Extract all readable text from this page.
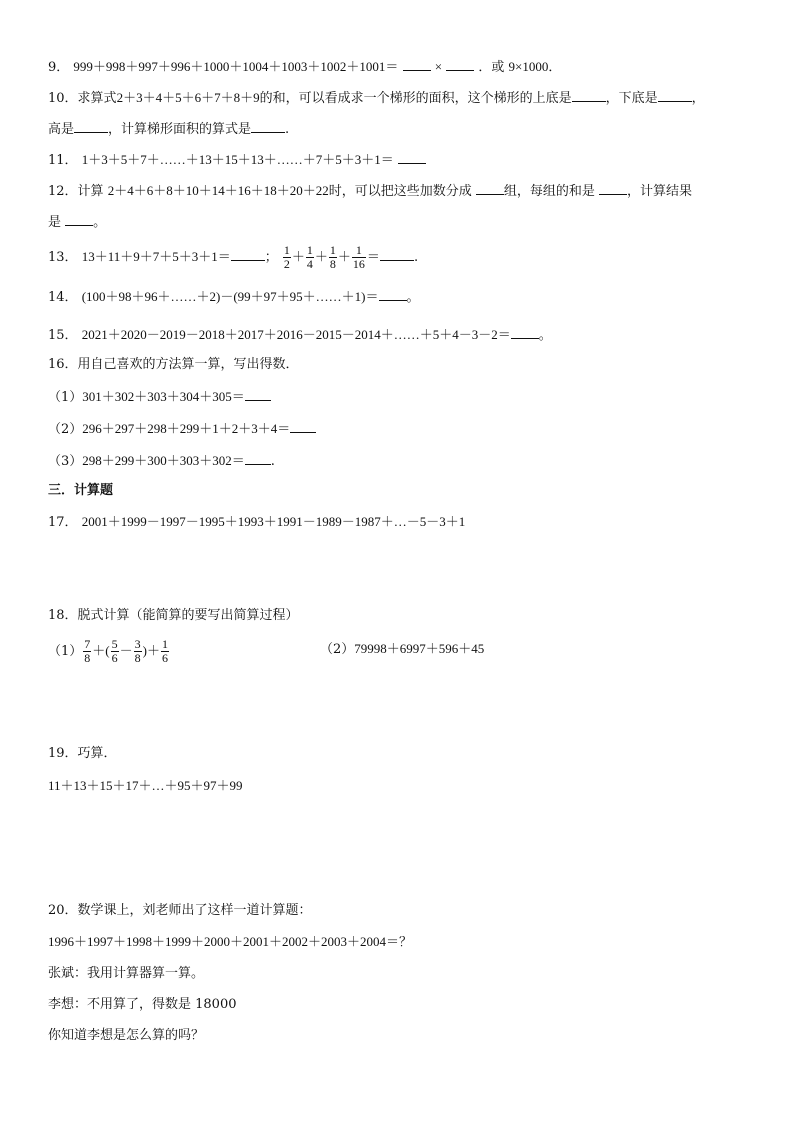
9． 999＋998＋997＋996＋1000＋1004＋1003＋1002＋1001＝	×	．或 9×1000．
10．求算式2＋3＋4＋5＋6＋7＋8＋9的和，可以看成求一个梯形的面积，这个梯形的上底是	，下底是	，
高是	，计算梯形面积的算式是	.
11． 1＋3＋5＋7＋……＋13＋15＋13＋……＋7＋5＋3＋1＝
12．计算 2＋4＋6＋8＋10＋14＋16＋18＋20＋22时，可以把这些加数分成 组，每组的和是 ，计算结果
是 。
13． 13＋11＋9＋7＋5＋3＋1＝	； $\frac{1}{2} + \frac{1}{4} + \frac{1}{8} + \frac{1}{16}$ ＝	.
14． (100＋98＋96＋……＋2)－(99＋97＋95＋……＋1)＝ 。
15． 2021＋2020－2019－2018＋2017＋2016－2015－2014＋……＋5＋4－3－2＝ 。
16．用自己喜欢的方法算一算，写出得数．
（1）301＋302＋303＋304＋305＝
（2）296＋297＋298＋299＋1＋2＋3＋4＝
（3）298＋299＋300＋303＋302＝ .
三．计算题
17． 2001＋1999－1997－1995＋1993＋1991－1989－1987＋…－5－3＋1
18．脱式计算（能简算的要写出简算过程）
$(1) \frac{7}{8}$ ＋( $\frac{5}{6} - \frac{3}{8}$ )＋ $\frac{1}{6}$	（2）79998＋6997＋596＋45
19．巧算．
11＋13＋15＋17＋…＋95＋97＋99
20．数学课上，刘老师出了这样一道计算题：
1996＋1997＋1998＋1999＋2000＋2001＋2002＋2003＋2004＝？
张斌：我用计算器算一算。
李想：不用算了，得数是 18000
你知道李想是怎么算的吗？
